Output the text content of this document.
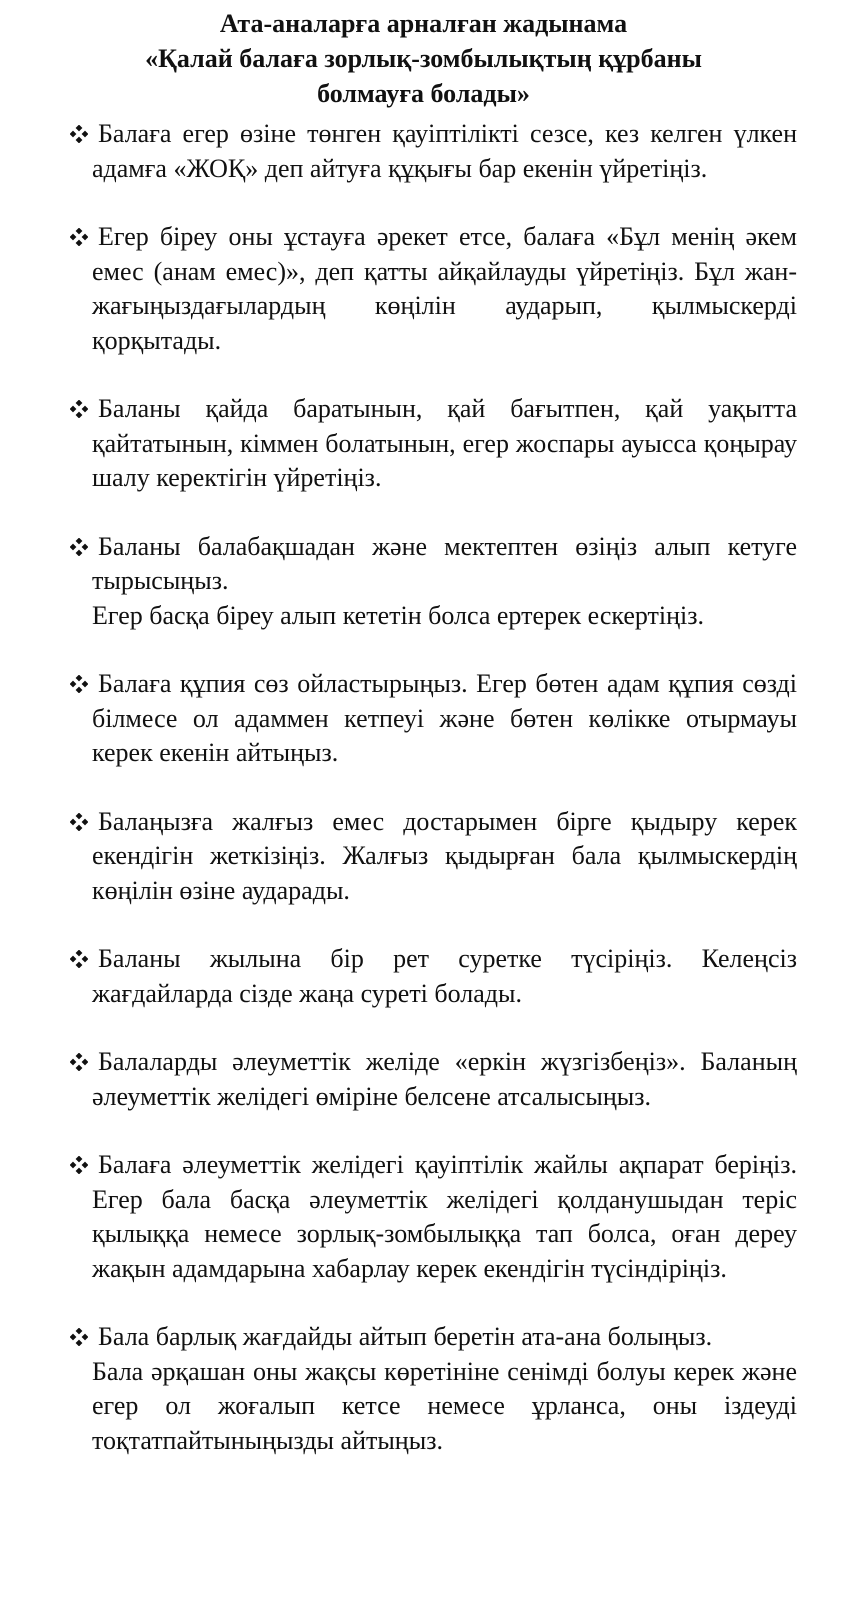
Ата-аналарға арналған жадынама
«Қалай балаға зорлық-зомбылықтың құрбаны
болмауға болады»
Балаға егер өзіне төнген қауіптілікті сезсе, кез келген үлкен адамға «ЖОҚ» деп айтуға құқығы бар екенін үйретіңіз.
Егер біреу оны ұстауға әрекет етсе, балаға «Бұл менің әкем емес (анам емес)», деп қатты айқайлауды үйретіңіз. Бұл жан-жағыңыздағылардың көңілін аударып, қылмыскерді қорқытады.
Баланы қайда баратынын, қай бағытпен, қай уақытта қайтатынын, кіммен болатынын, егер жоспары ауысса қоңырау шалу керектігін үйретіңіз.
Баланы балабақшадан және мектептен өзіңіз алып кетуге тырысыңыз.
Егер басқа біреу алып кететін болса ертерек ескертіңіз.
Балаға құпия сөз ойластырыңыз. Егер бөтен адам құпия сөзді білмесе ол адаммен кетпеуі және бөтен көлікке отырмауы керек екенін айтыңыз.
Балаңызға жалғыз емес достарымен бірге қыдыру керек екендігін жеткізіңіз. Жалғыз қыдырған бала қылмыскердің көңілін өзіне аударады.
Баланы жылына бір рет суретке түсіріңіз. Келеңсіз жағдайларда сізде жаңа суреті болады.
Балаларды әлеуметтік желіде «еркін жүзгізбеңіз». Баланың әлеуметтік желідегі өміріне белсене атсалысыңыз.
Балаға әлеуметтік желідегі қауіптілік жайлы ақпарат беріңіз. Егер бала басқа әлеуметтік желідегі қолданушыдан теріс қылыққа немесе зорлық-зомбылыққа тап болса, оған дереу жақын адамдарына хабарлау керек екендігін түсіндіріңіз.
Бала барлық жағдайды айтып беретін ата-ана болыңыз.
Бала әрқашан оны жақсы көретініне сенімді болуы керек және егер ол жоғалып кетсе немесе ұрланса, оны іздеуді тоқтатпайтыныңызды айтыңыз.
